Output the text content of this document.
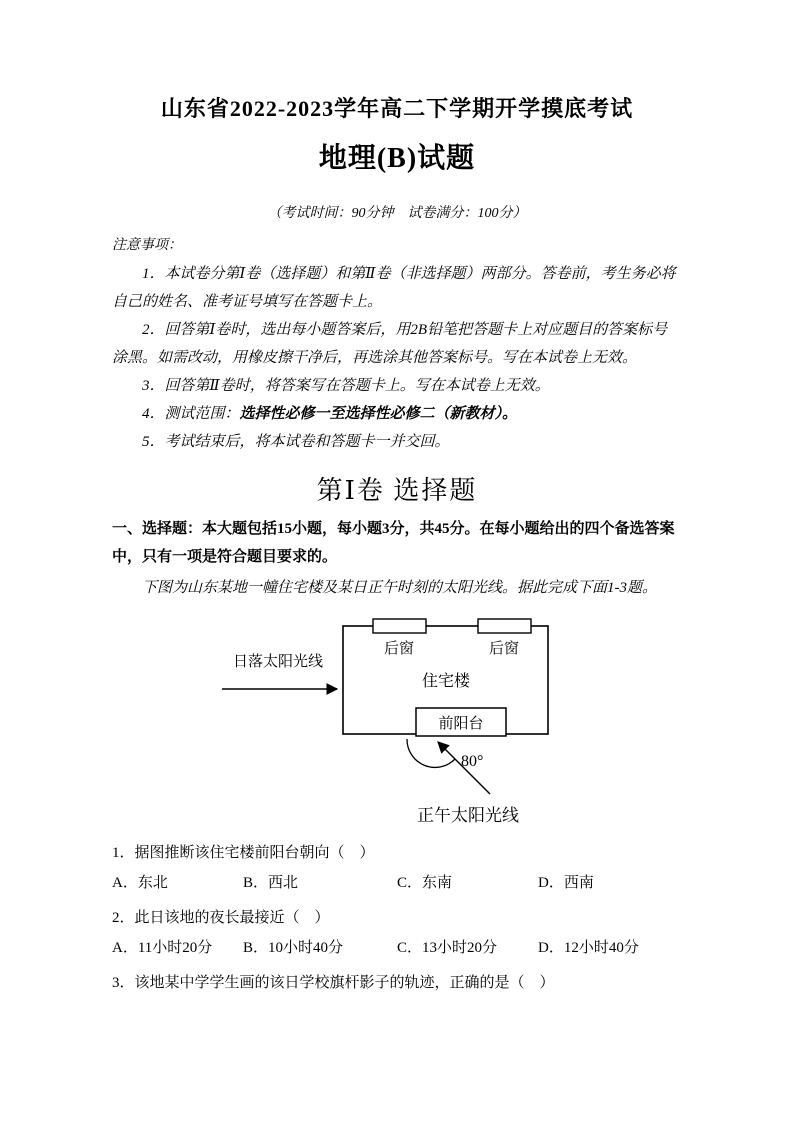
山东省2022-2023学年高二下学期开学摸底考试
地理(B)试题
（考试时间：90分钟　试卷满分：100分）
注意事项：

1．本试卷分第Ⅰ卷（选择题）和第Ⅱ卷（非选择题）两部分。答卷前，考生务必将自己的姓名、准考证号填写在答题卡上。

2．回答第Ⅰ卷时，选出每小题答案后，用2B铅笔把答题卡上对应题目的答案标号涂黑。如需改动，用橡皮擦干净后，再选涂其他答案标号。写在本试卷上无效。

3．回答第Ⅱ卷时，将答案写在答题卡上。写在本试卷上无效。

4．测试范围：选择性必修一至选择性必修二（新教材）。

5．考试结束后，将本试卷和答题卡一并交回。

第Ⅰ卷 选择题

一、选择题：本大题包括15小题，每小题3分，共45分。在每小题给出的四个备选答案中，只有一项是符合题目要求的。

下图为山东某地一幢住宅楼及某日正午时刻的太阳光线。据此完成下面1-3题。

日落太阳光线
后窗	后窗
住宅楼
前阳台
80°
正午太阳光线

1．据图推断该住宅楼前阳台朝向（　）

A．东北	B．西北	C．东南	D．西南

2．此日该地的夜长最接近（　）

A．11小时20分 B．10小时40分	C．13小时20分	D．12小时40分

3．该地某中学学生画的该日学校旗杆影子的轨迹，正确的是（　）
